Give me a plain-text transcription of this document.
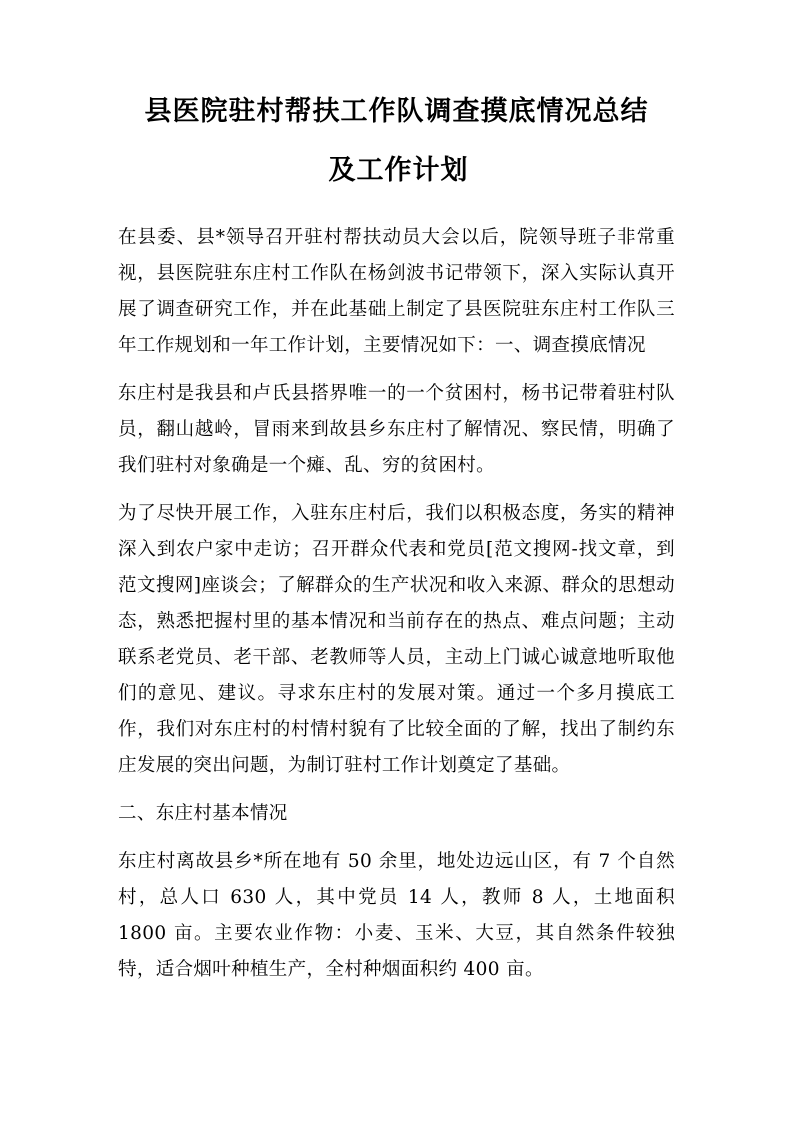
县医院驻村帮扶工作队调查摸底情况总结
及工作计划

在县委、县*领导召开驻村帮扶动员大会以后，院领导班子非常重视，县医院驻东庄村工作队在杨剑波书记带领下，深入实际认真开展了调查研究工作，并在此基础上制定了县医院驻东庄村工作队三年工作规划和一年工作计划，主要情况如下：一、调查摸底情况

东庄村是我县和卢氏县搭界唯一的一个贫困村，杨书记带着驻村队员，翻山越岭，冒雨来到故县乡东庄村了解情况、察民情，明确了我们驻村对象确是一个瘫、乱、穷的贫困村。

为了尽快开展工作，入驻东庄村后，我们以积极态度，务实的精神深入到农户家中走访；召开群众代表和党员[范文搜网-找文章，到范文搜网]座谈会；了解群众的生产状况和收入来源、群众的思想动态，熟悉把握村里的基本情况和当前存在的热点、难点问题；主动联系老党员、老干部、老教师等人员，主动上门诚心诚意地听取他们的意见、建议。寻求东庄村的发展对策。通过一个多月摸底工作，我们对东庄村的村情村貌有了比较全面的了解，找出了制约东庄发展的突出问题，为制订驻村工作计划奠定了基础。

二、东庄村基本情况

东庄村离故县乡*所在地有 50 余里，地处边远山区，有 7 个自然村，总人口 630 人，其中党员 14 人，教师 8 人，土地面积 1800 亩。主要农业作物：小麦、玉米、大豆，其自然条件较独特，适合烟叶种植生产，全村种烟面积约 400 亩。
